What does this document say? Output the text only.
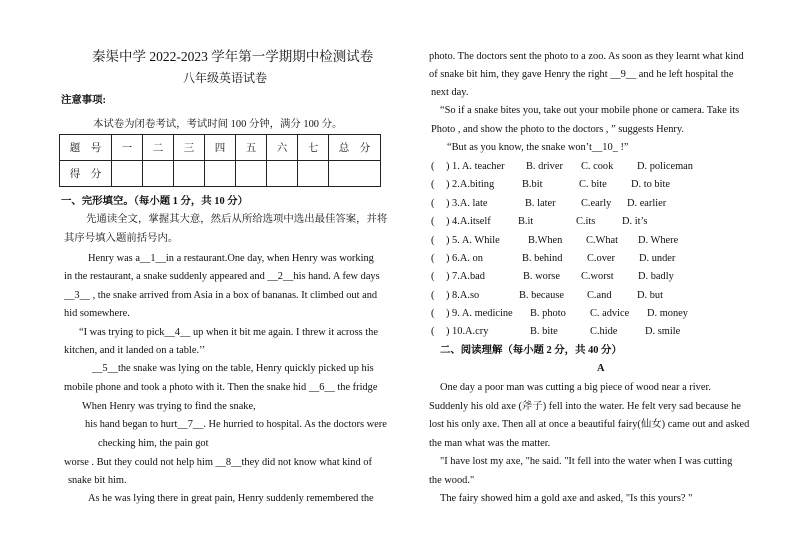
秦渠中学 2022-2023 学年第一学期期中检测试卷
八年级英语试卷
注意事项:
本试卷为闭卷考试，考试时间 100 分钟，满分 100 分。
题　号	一	二	三	四	五	六	七	总　分
得　分								
一、完形填空。（每小题 1 分，共 10 分）
先通读全文，掌握其大意，然后从所给选项中选出最佳答案，并将
其序号填入题前括号内。
Henry was a__1__in a restaurant.One day, when Henry was working
in the restaurant, a snake suddenly appeared and __2__his hand. A few days
__3__ , the snake arrived from Asia in a box of bananas. It climbed out and
hid somewhere.
“I was trying to pick__4__ up when it bit me again. I threw it across the
kitchen, and it landed on a table.’’
__5__the snake was lying on the table, Henry quickly picked up his
mobile phone and took a photo with it. Then the snake hid __6__ the fridge
When Henry was trying to find the snake,
his hand began to hurt__7__. He hurried to hospital. As the doctors were
checking him, the pain got
worse . But they could not help him __8__they did not know what kind of
snake bit him.
As he was lying there in great pain, Henry suddenly remembered the
photo. The doctors sent the photo to a zoo. As soon as they learnt what kind
of snake bit him, they gave Henry the right __9__ and he left hospital the
next day.
“So if a snake bites you, take out your mobile phone or camera. Take its
Photo , and show the photo to the doctors , ” suggests Henry.
“But as you know, the snake won’t__10_ !”
( ) 1. A. teacher B. driver C. cook D. policeman
( ) 2.A.biting	B.bit	C. bite D. to bite
( ) 3.A. late	B. later C.early D. earlier
( ) 4.A.itself	B.it	C.its	D. it’s
( ) 5. A. While	B.When C.What D. Where
( ) 6.A. on	B. behind C.over D. under
( ) 7.A.bad	B. worse C.worst D. badly
( ) 8.A.so	B. because C.and D. but
( ) 9. A. medicine B. photo C. advice D. money
( ) 10.A.cry	B. bite	C.hide	D. smile
二、阅读理解（每小题 2 分，共 40 分）
A
One day a poor man was cutting a big piece of wood near a river.
Suddenly his old axe (斧子) fell into the water. He felt very sad because he
lost his only axe. Then all at once a beautiful fairy(仙女) came out and asked
the man what was the matter.
"I have lost my axe, "he said. "It fell into the water when I was cutting
the wood."
The fairy showed him a gold axe and asked, "Is this yours? "
